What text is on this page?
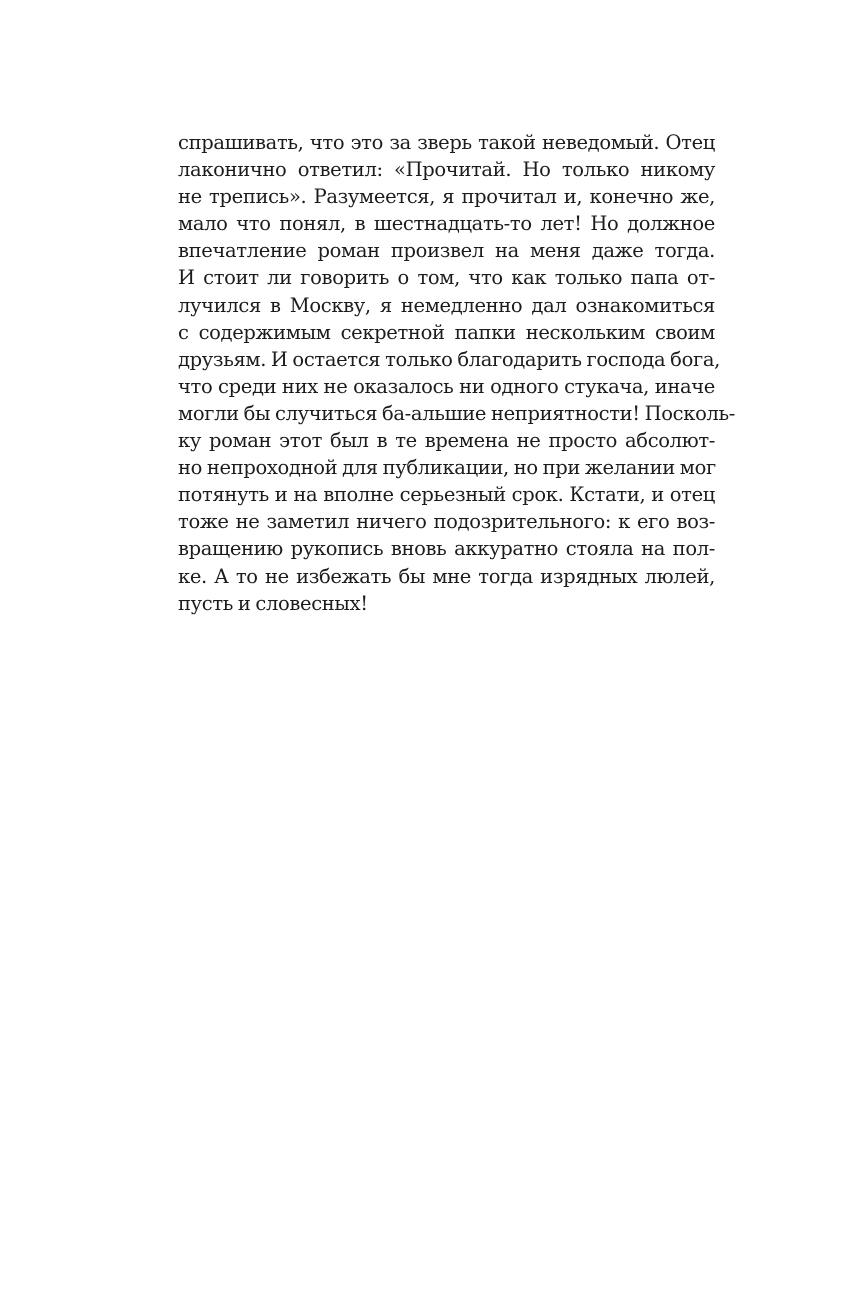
спрашивать, что это за зверь такой неведомый. Отец
лаконично ответил: «Прочитай. Но только никому
не трепись». Разумеется, я прочитал и, конечно же,
мало что понял, в шестнадцать-то лет! Но должное
впечатление роман произвел на меня даже тогда.
И стоит ли говорить о том, что как только папа от-
лучился в Москву, я немедленно дал ознакомиться
с содержимым секретной папки нескольким своим
друзьям. И остается только благодарить господа бога,
что среди них не оказалось ни одного стукача, иначе
могли бы случиться ба-альшие неприятности! Посколь-
ку роман этот был в те времена не просто абсолют-
но непроходной для публикации, но при желании мог
потянуть и на вполне серьезный срок. Кстати, и отец
тоже не заметил ничего подозрительного: к его воз-
вращению рукопись вновь аккуратно стояла на пол-
ке. А то не избежать бы мне тогда изрядных люлей,
пусть и словесных!
